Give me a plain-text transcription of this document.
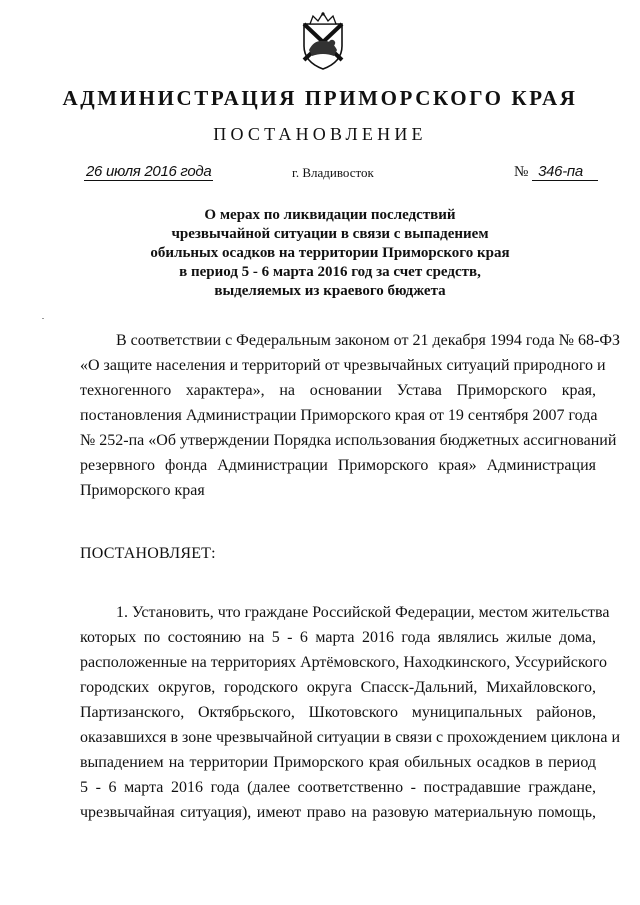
АДМИНИСТРАЦИЯ ПРИМОРСКОГО КРАЯ
ПОСТАНОВЛЕНИЕ
26 июля 2016 года	г. Владивосток	№ 346-па
О мерах по ликвидации последствий
чрезвычайной ситуации в связи с выпадением
обильных осадков на территории Приморского края
в период 5 - 6 марта 2016 год за счет средств,
выделяемых из краевого бюджета
В соответствии с Федеральным законом от 21 декабря 1994 года № 68-ФЗ
«О защите населения и территорий от чрезвычайных ситуаций природного и
техногенного характера», на основании Устава Приморского края,
постановления Администрации Приморского края от 19 сентября 2007 года
№ 252-па «Об утверждении Порядка использования бюджетных ассигнований
резервного фонда Администрации Приморского края» Администрация
Приморского края
ПОСТАНОВЛЯЕТ:
1. Установить, что граждане Российской Федерации, местом жительства
которых по состоянию на 5 - 6 марта 2016 года являлись жилые дома,
расположенные на территориях Артёмовского, Находкинского, Уссурийского
городских округов, городского округа Спасск-Дальний, Михайловского,
Партизанского, Октябрьского, Шкотовского муниципальных районов,
оказавшихся в зоне чрезвычайной ситуации в связи с прохождением циклона и
выпадением на территории Приморского края обильных осадков в период
5 - 6 марта 2016 года (далее соответственно - пострадавшие граждане,
чрезвычайная ситуация), имеют право на разовую материальную помощь,
